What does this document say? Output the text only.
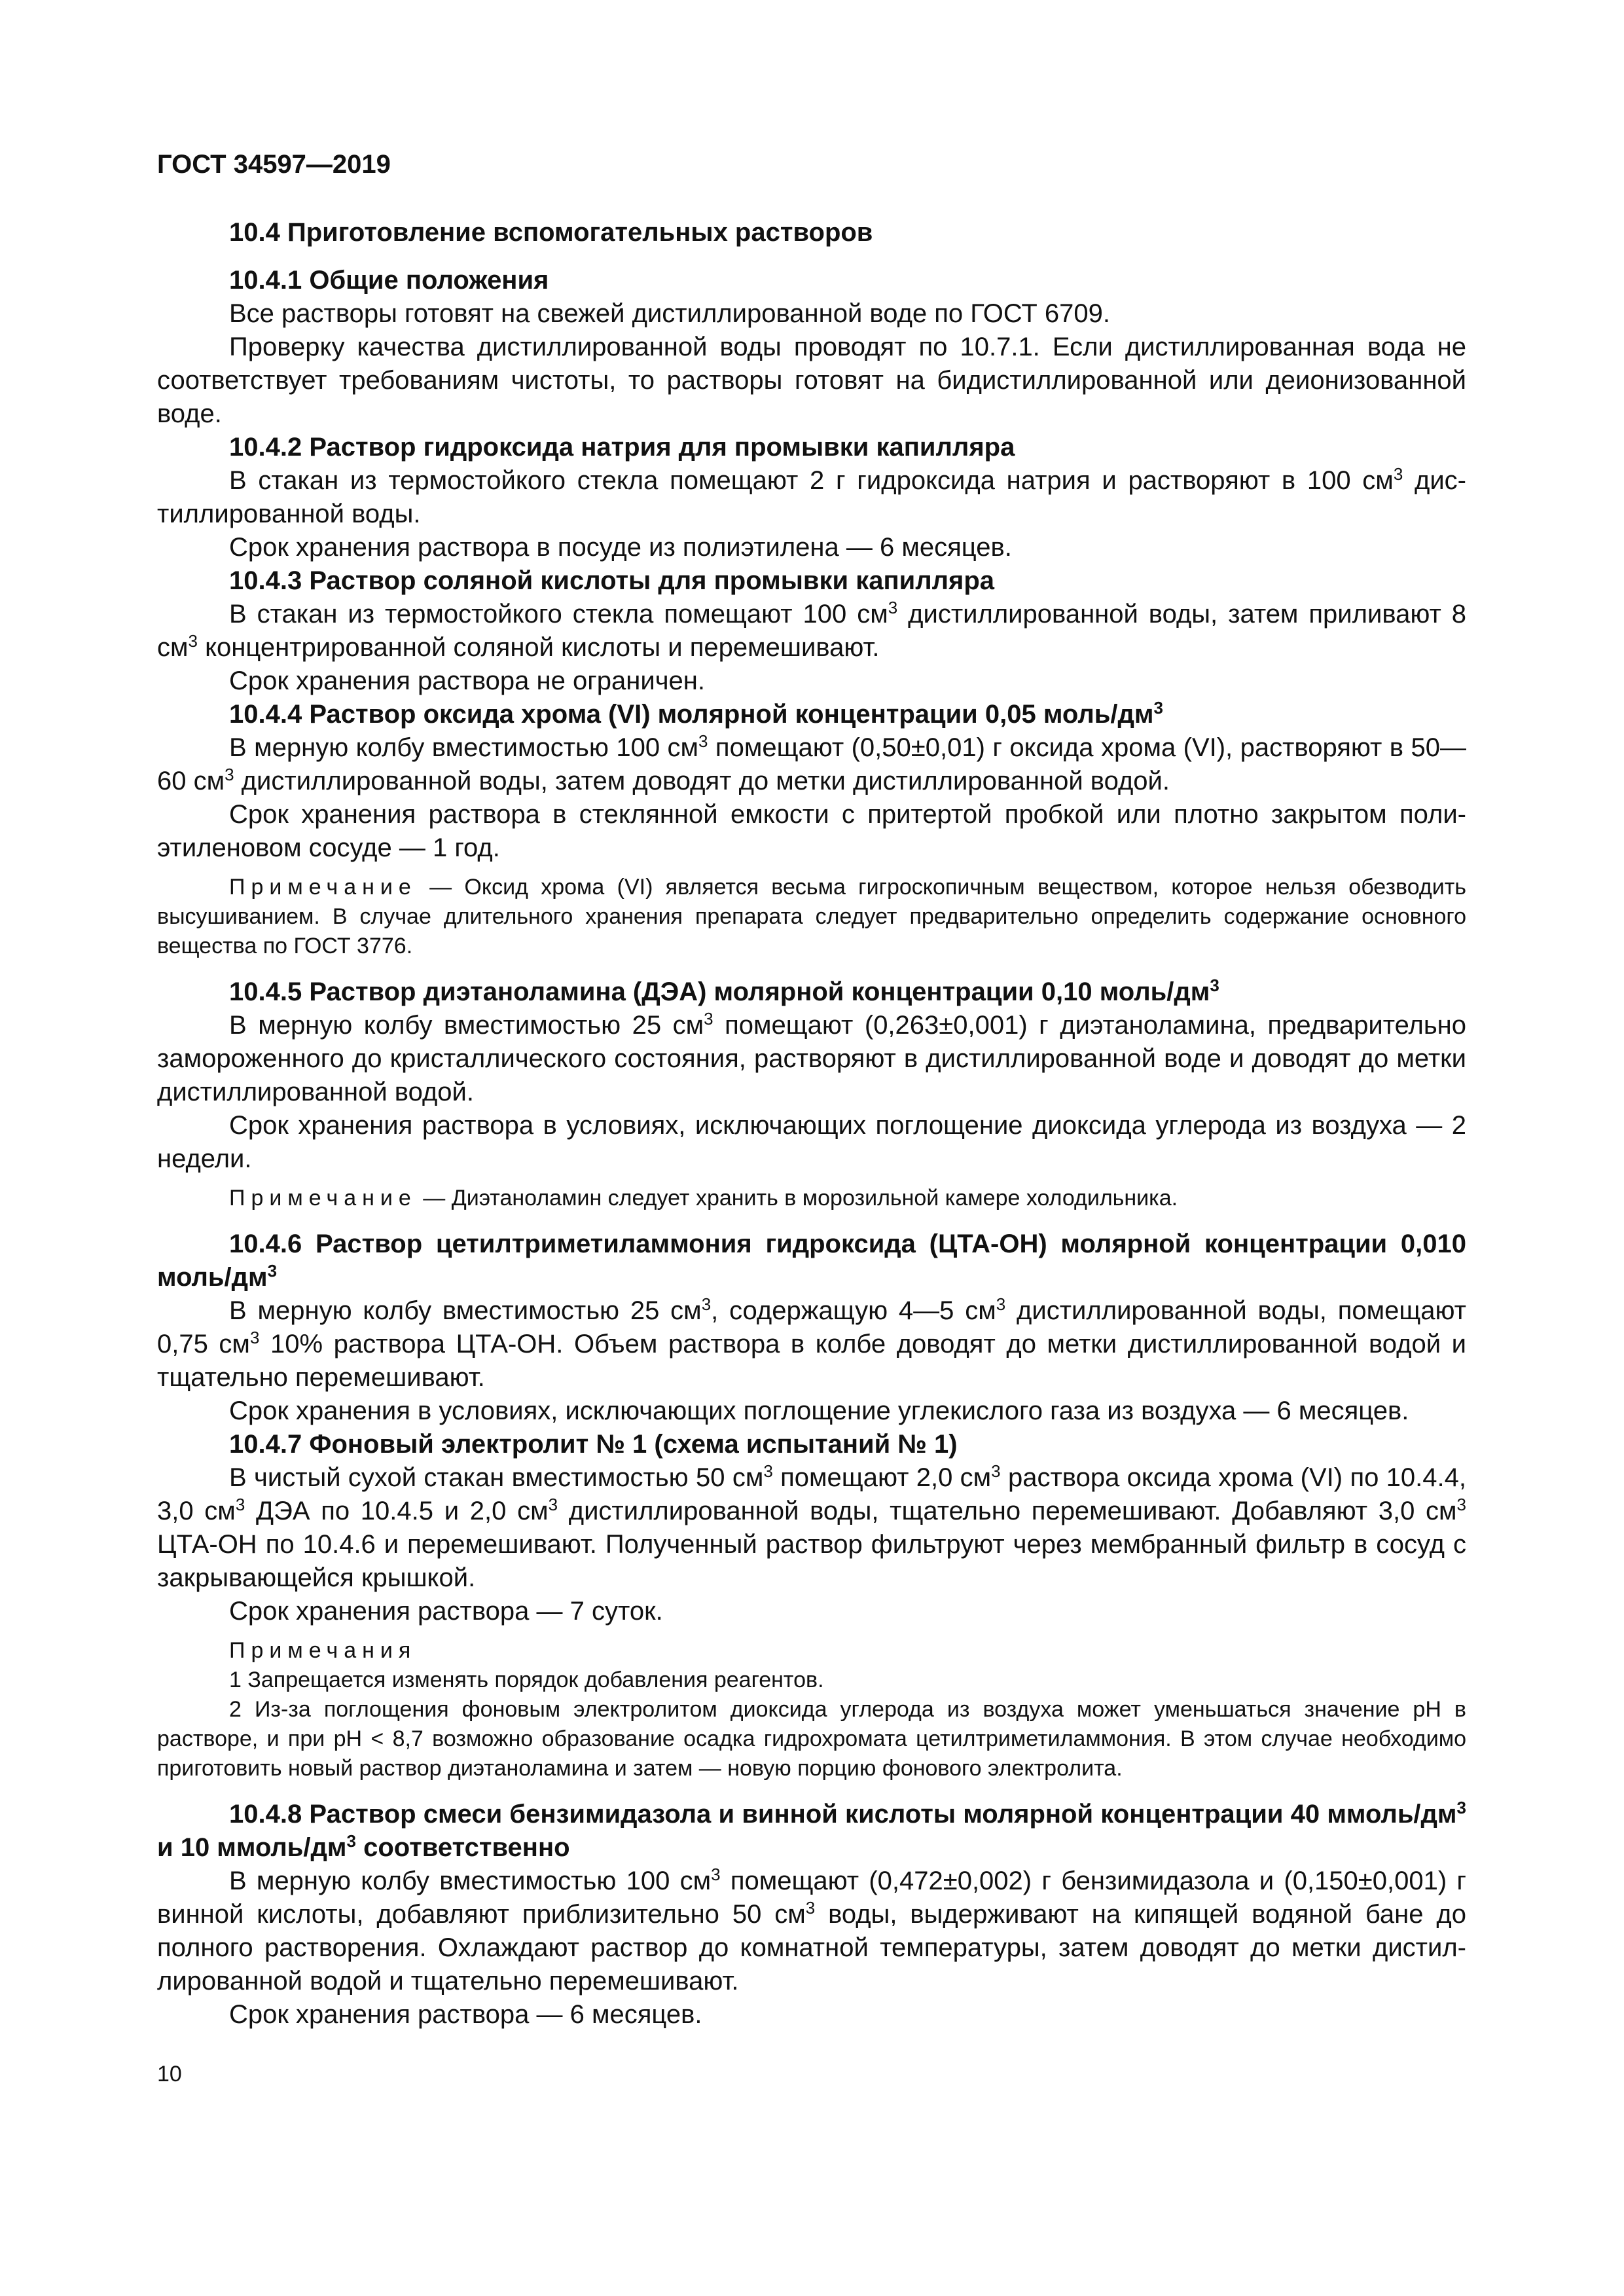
ГОСТ 34597—2019
10.4 Приготовление вспомогательных растворов
10.4.1 Общие положения

Все растворы готовят на свежей дистиллированной воде по ГОСТ 6709.

Проверку качества дистиллированной воды проводят по 10.7.1. Если дистиллированная вода не соответствует требованиям чистоты, то растворы готовят на бидистиллированной или деионизованной воде.

10.4.2 Раствор гидроксида натрия для промывки капилляра

В стакан из термостойкого стекла помещают 2 г гидроксида натрия и растворяют в 100 $см^3$ дистиллированной воды.

Срок хранения раствора в посуде из полиэтилена — 6 месяцев.

10.4.3 Раствор соляной кислоты для промывки капилляра

В стакан из термостойкого стекла помещают 100 $см^3$ дистиллированной воды, затем приливают 8 $см^3$ концентрированной соляной кислоты и перемешивают.

Срок хранения раствора не ограничен.

10.4.4 Раствор оксида хрома (VI) молярной концентрации 0,05 моль/$дм^3$

В мерную колбу вместимостью 100 $см^3$ помещают (0,50±0,01) г оксида хрома (VI), растворяют в 50—60 $см^3$ дистиллированной воды, затем доводят до метки дистиллированной водой.

Срок хранения раствора в стеклянной емкости с притертой пробкой или плотно закрытом полиэтиленовом сосуде — 1 год.

Примечание — Оксид хрома (VI) является весьма гигроскопичным веществом, которое нельзя обезводить высушиванием. В случае длительного хранения препарата следует предварительно определить содержание основного вещества по ГОСТ 3776.

10.4.5 Раствор диэтаноламина (ДЭА) молярной концентрации 0,10 моль/$дм^3$

В мерную колбу вместимостью 25 $см^3$ помещают (0,263±0,001) г диэтаноламина, предварительно замороженного до кристаллического состояния, растворяют в дистиллированной воде и доводят до метки дистиллированной водой.

Срок хранения раствора в условиях, исключающих поглощение диоксида углерода из воздуха — 2 недели.

Примечание — Диэтаноламин следует хранить в морозильной камере холодильника.

10.4.6 Раствор цетилтриметиламмония гидроксида (ЦТА-ОН) молярной концентрации 0,010 моль/$дм^3$

В мерную колбу вместимостью 25 $см^3$, содержащую 4—5 $см^3$ дистиллированной воды, помещают 0,75 $см^3$ 10% раствора ЦТА-ОН. Объем раствора в колбе доводят до метки дистиллированной водой и тщательно перемешивают.

Срок хранения в условиях, исключающих поглощение углекислого газа из воздуха — 6 месяцев.

10.4.7 Фоновый электролит № 1 (схема испытаний № 1)

В чистый сухой стакан вместимостью 50 $см^3$ помещают 2,0 $см^3$ раствора оксида хрома (VI) по 10.4.4, 3,0 $см^3$ ДЭА по 10.4.5 и 2,0 $см^3$ дистиллированной воды, тщательно перемешивают. Добавляют 3,0 $см^3$ ЦТА-ОН по 10.4.6 и перемешивают. Полученный раствор фильтруют через мембранный фильтр в сосуд с закрывающейся крышкой.

Срок хранения раствора — 7 суток.

Примечания
1 Запрещается изменять порядок добавления реагентов.
2 Из-за поглощения фоновым электролитом диоксида углерода из воздуха может уменьшаться значение pH в растворе, и при pH < 8,7 возможно образование осадка гидрохромата цетилтриметиламмония. В этом случае необходимо приготовить новый раствор диэтаноламина и затем — новую порцию фонового электролита.
10.4.8 Раствор смеси бензимидазола и винной кислоты молярной концентрации 40 ммоль/$дм^3$ и 10 ммоль/$дм^3$ соответственно

В мерную колбу вместимостью 100 $см^3$ помещают (0,472±0,002) г бензимидазола и (0,150±0,001) г винной кислоты, добавляют приблизительно 50 $см^3$ воды, выдерживают на кипящей водяной бане до полного растворения. Охлаждают раствор до комнатной температуры, затем доводят до метки дистиллированной водой и тщательно перемешивают.

Срок хранения раствора — 6 месяцев.

10
